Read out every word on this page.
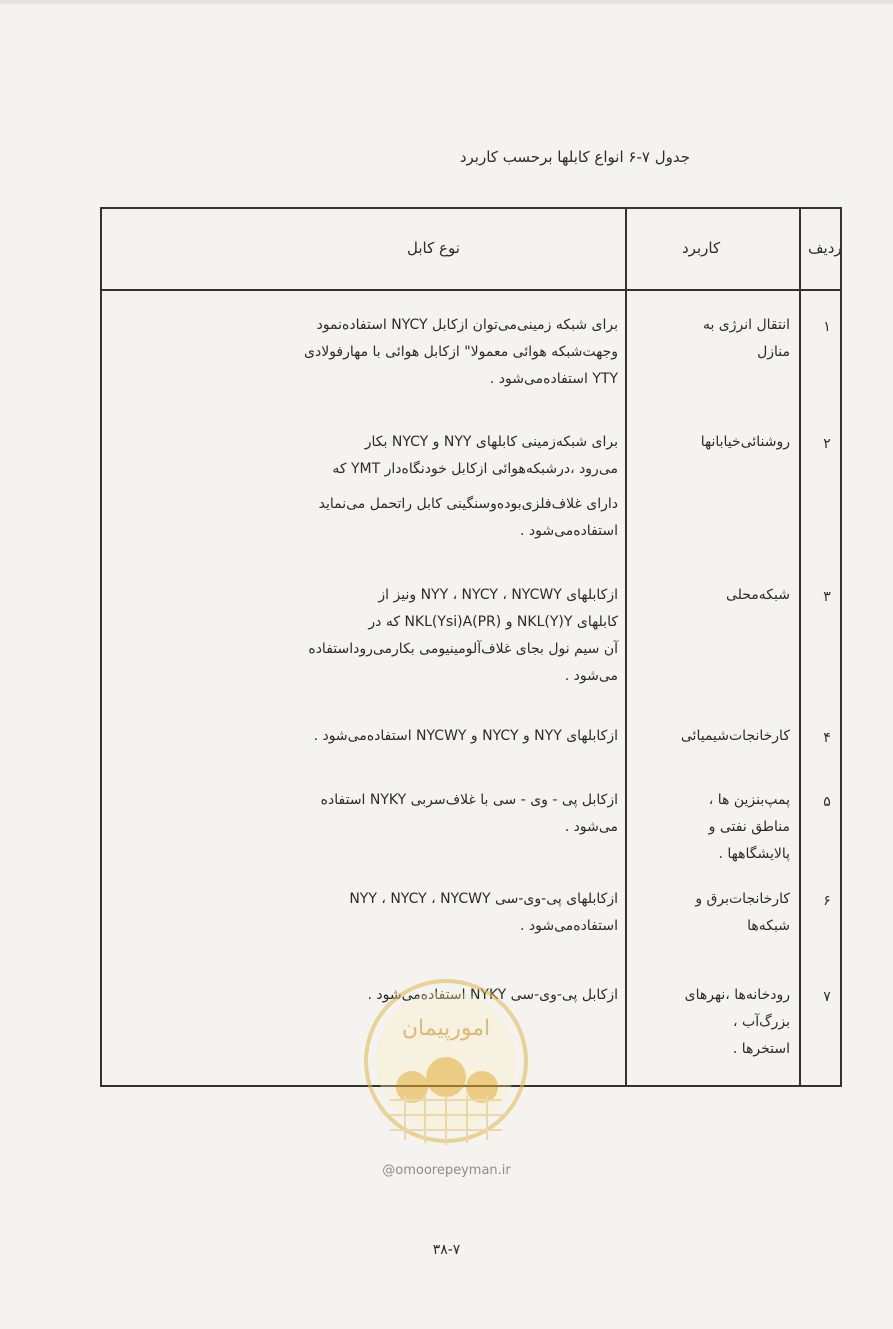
جدول ۷-۶ انواع کابلها برحسب کاربرد
ردیف
کاربرد
نوع کابل
۱
انتقال انرژی به
منازل
برای شبکه زمینی‌می‌توان ازکابل NYCY استفاده‌نمود
وجهت‌شبکه هوائی معمولا" ازکابل هوائی با مهارفولادی
YTY استفاده‌می‌شود .
۲
روشنائی‌خیابانها
برای شبکه‌زمینی کابلهای NYY و NYCY بکار
می‌رود ،درشبکه‌هوائی ازکابل خودنگاه‌دار YMT که
دارای غلاف‌فلزی‌بوده‌وسنگینی کابل راتحمل می‌نماید
استفاده‌می‌شود .
۳
شبکه‌محلی
ازکابلهای NYY ، NYCY ، NYCWY ونیز از
کابلهای NKL(Y)Y و NKL(Ysi)A(PR) که در
آن سیم نول بجای غلاف‌آلومینیومی بکارمی‌رود‌استفاده
می‌شود .
۴
کارخانجات‌شیمیائی
ازکابلهای NYY و NYCY و NYCWY استفاده‌می‌شود .
۵
پمپ‌بنزین ها ،
مناطق نفتی و
پالایشگاهها .
ازکابل پی - وی - سی با غلاف‌سربی NYKY استفاده
می‌شود .
۶
کارخانجات‌برق و
شبکه‌ها
ازکابلهای پی‌-وی‌-سی NYY ، NYCY ، NYCWY
استفاده‌می‌شود .
۷
رودخانه‌ها ،نهرهای
بزرگ‌آب ،
استخرها .
ازکابل پی‌-وی‌-سی NYKY استفاده‌می‌شود .
امورپیمان
@omoorepeyman.ir
۳۸-۷
